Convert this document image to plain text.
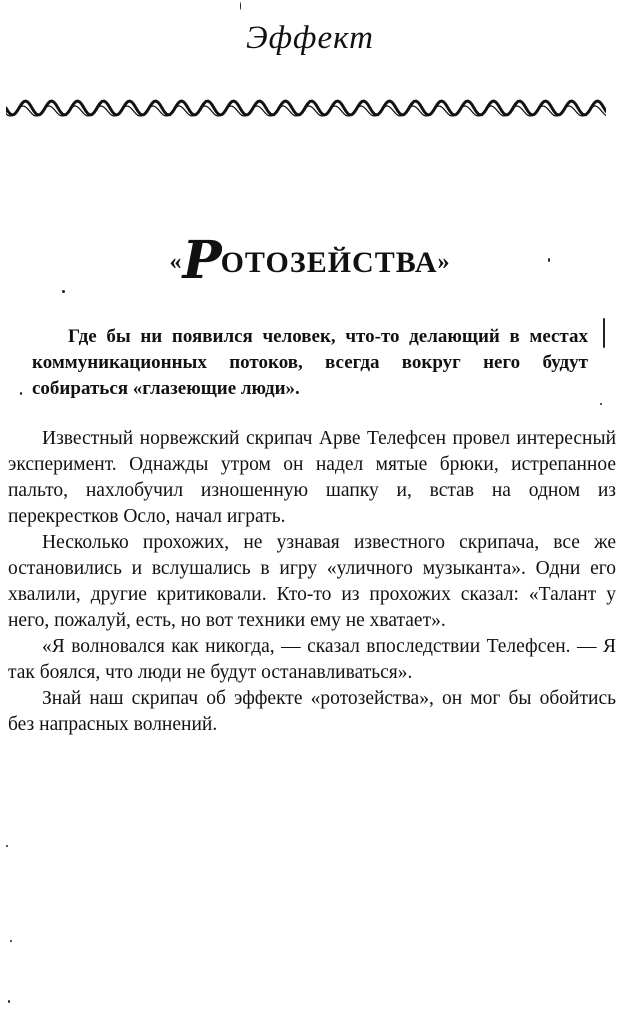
Эффект
«РОТОЗЕЙСТВА»
Где бы ни появился человек, что-то делающий в местах коммуникационных потоков, всегда вокруг него будут собираться «глазеющие люди».

Известный норвежский скрипач Арве Телефсен провел интересный эксперимент. Однажды утром он надел мятые брюки, истрепанное пальто, нахлобучил изношенную шапку и, встав на одном из перекрестков Осло, начал играть.

Несколько прохожих, не узнавая известного скрипача, все же остановились и вслушались в игру «уличного музыканта». Одни его хвалили, другие критиковали. Кто-то из прохожих сказал: «Талант у него, пожалуй, есть, но вот техники ему не хватает».

«Я волновался как никогда, — сказал впоследствии Телефсен. — Я так боялся, что люди не будут останавливаться».

Знай наш скрипач об эффекте «ротозейства», он мог бы обойтись без напрасных волнений.
